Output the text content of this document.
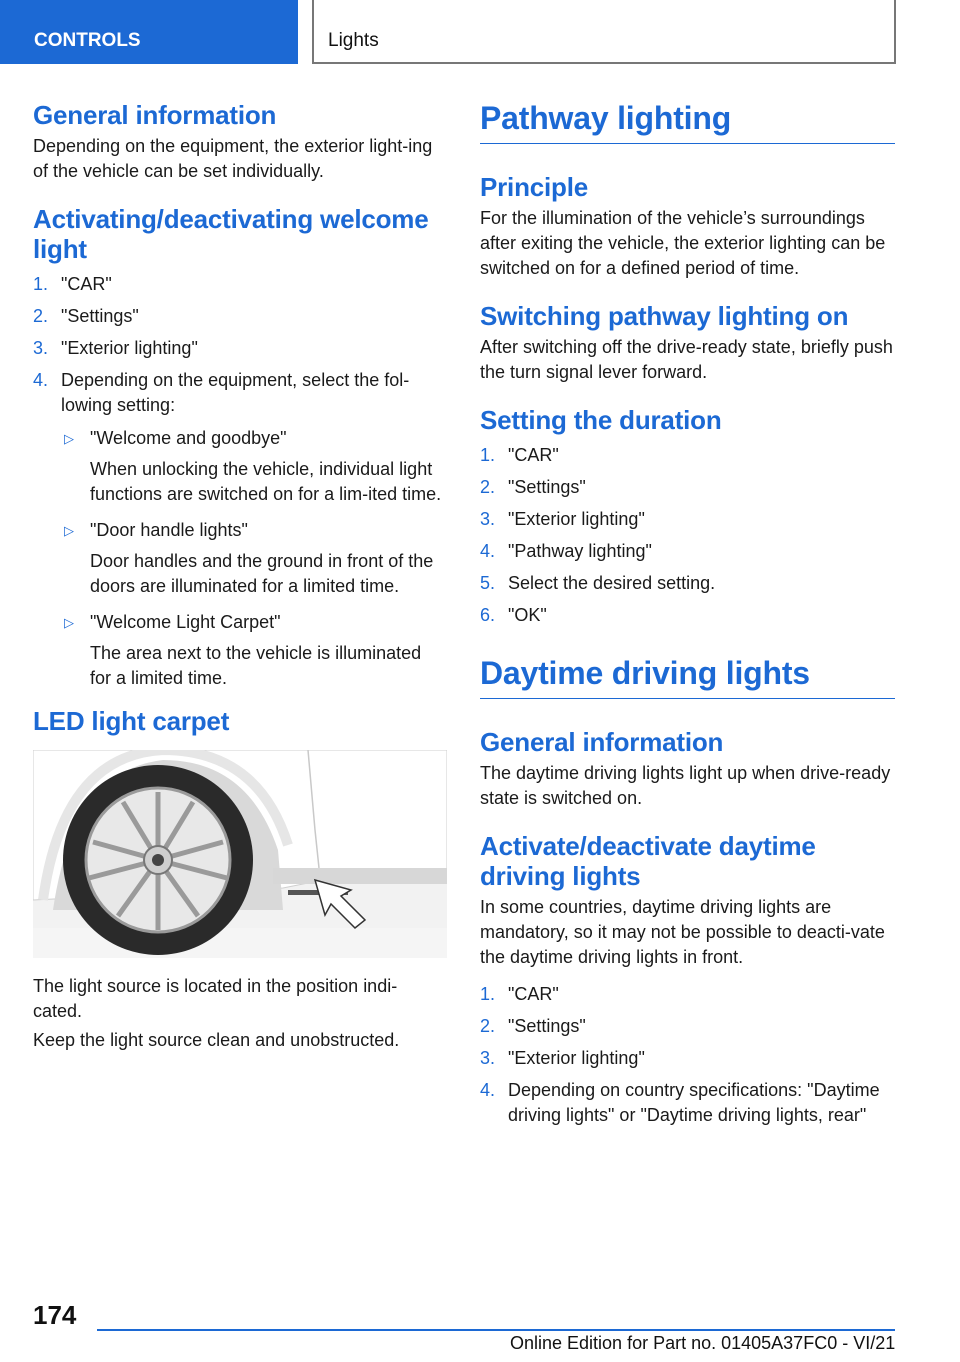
CONTROLS	Lights
General information

Depending on the equipment, the exterior light-ing of the vehicle can be set individually.

Activating/deactivating welcome light
1. "CAR"
2. "Settings"
3. "Exterior lighting"
4. Depending on the equipment, select the fol-lowing setting:
▷ "Welcome and goodbye"
When unlocking the vehicle, individual light functions are switched on for a lim-ited time.
▷ "Door handle lights"
Door handles and the ground in front of the doors are illuminated for a limited time.
▷ "Welcome Light Carpet"
The area next to the vehicle is illuminated for a limited time.
LED light carpet

The light source is located in the position indi-cated.

Keep the light source clean and unobstructed.

Pathway lighting
Principle

For the illumination of the vehicle’s surroundings after exiting the vehicle, the exterior lighting can be switched on for a defined period of time.

Switching pathway lighting on

After switching off the drive-ready state, briefly push the turn signal lever forward.

Setting the duration
1. "CAR"
2. "Settings"
3. "Exterior lighting"
4. "Pathway lighting"
5. Select the desired setting.
6. "OK"
Daytime driving lights
General information

The daytime driving lights light up when drive-ready state is switched on.

Activate/deactivate daytime driving lights

In some countries, daytime driving lights are mandatory, so it may not be possible to deacti-vate the daytime driving lights in front.

1. "CAR"
2. "Settings"
3. "Exterior lighting"
4. Depending on country specifications: "Daytime driving lights" or "Daytime driving lights, rear"
174
Online Edition for Part no. 01405A37FC0 - VI/21
